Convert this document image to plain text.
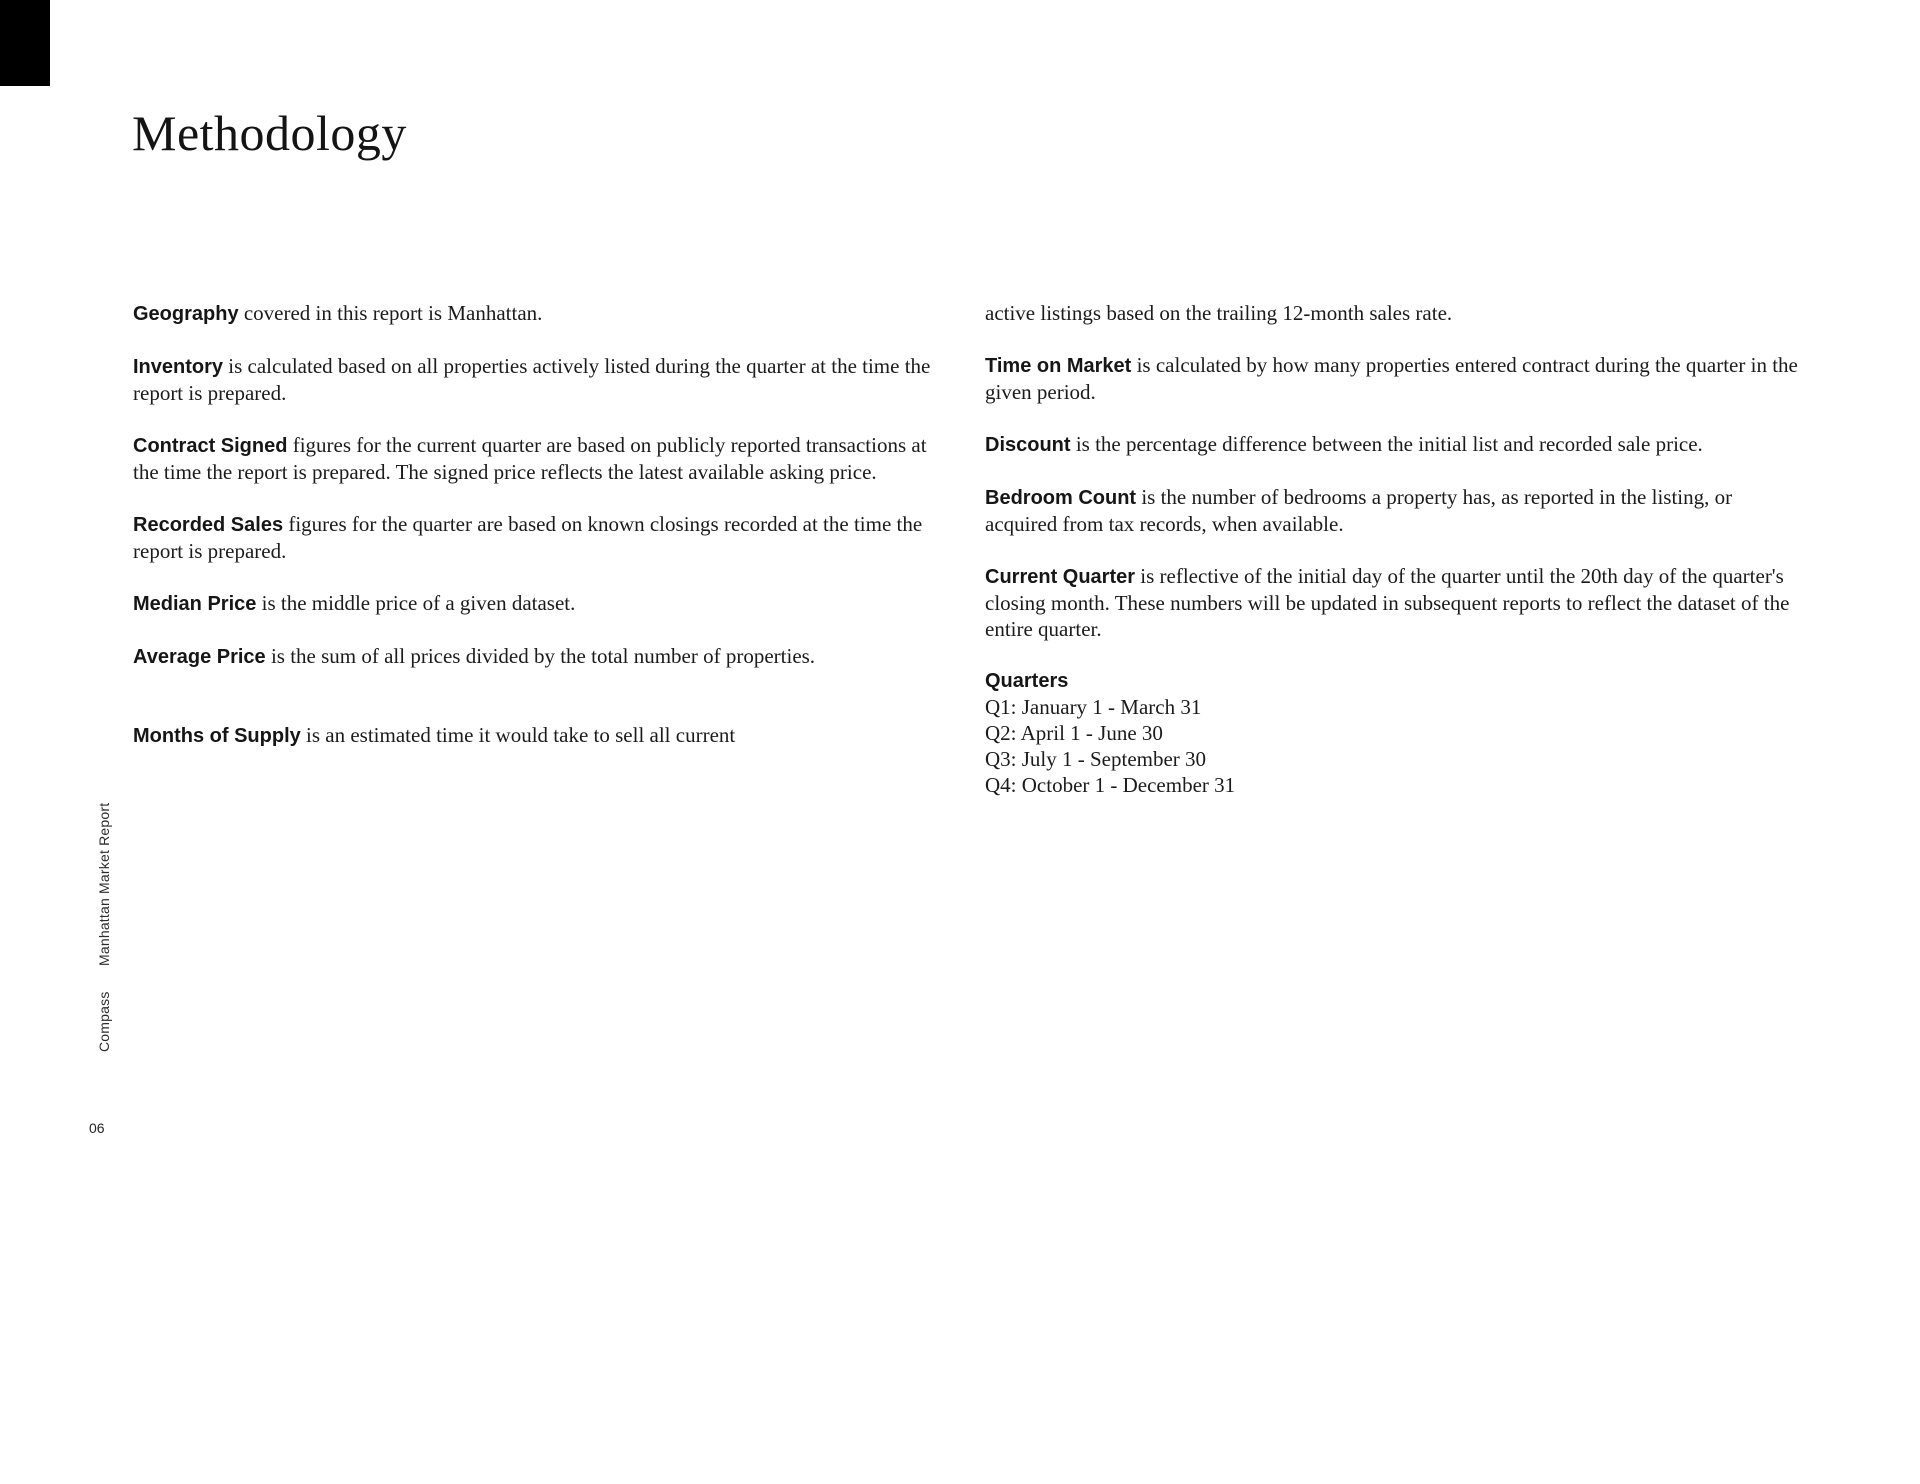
Methodology

Geography covered in this report is Manhattan.

Inventory is calculated based on all properties actively listed during the quarter at the time the report is prepared.

Contract Signed figures for the current quarter are based on publicly reported transactions at the time the report is prepared. The signed price reflects the latest available asking price.

Recorded Sales figures for the quarter are based on known closings recorded at the time the report is prepared.

Median Price is the middle price of a given dataset.

Average Price is the sum of all prices divided by the total number of properties.

Months of Supply is an estimated time it would take to sell all current

active listings based on the trailing 12-month sales rate.

Time on Market is calculated by how many properties entered contract during the quarter in the given period.

Discount is the percentage difference between the initial list and recorded sale price.

Bedroom Count is the number of bedrooms a property has, as reported in the listing, or acquired from tax records, when available.

Current Quarter is reflective of the initial day of the quarter until the 20th day of the quarter's closing month. These numbers will be updated in subsequent reports to reflect the dataset of the entire quarter.

Quarters
Q1: January 1 - March 31
Q2: April 1 - June 30
Q3: July 1 - September 30
Q4: October 1 - December 31

Manhattan Market Report
Compass
06
